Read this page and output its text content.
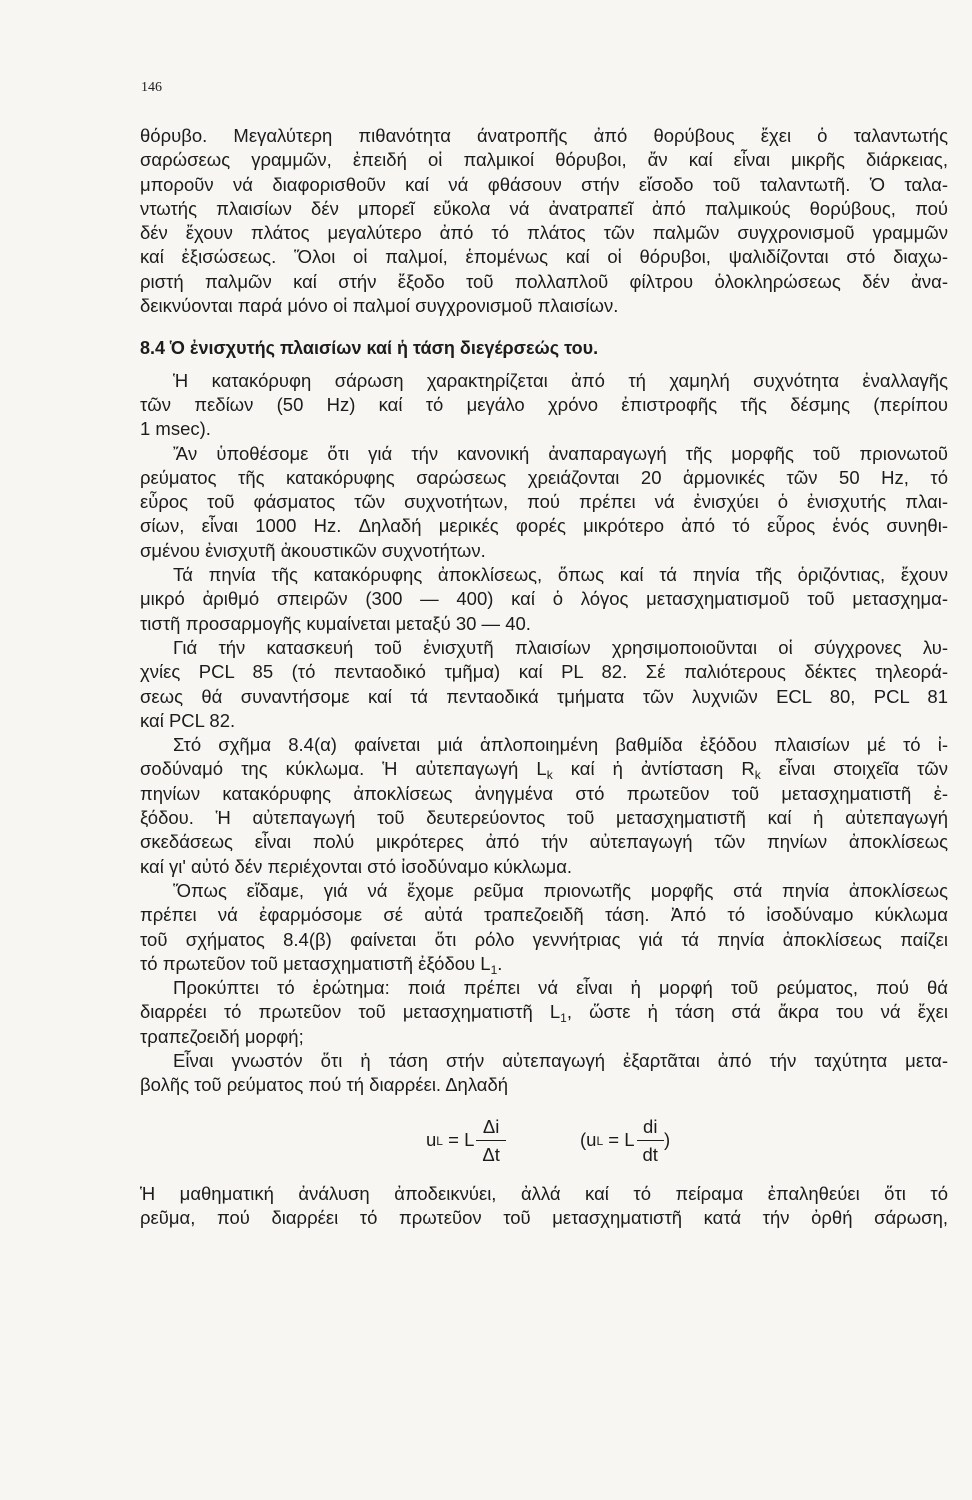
146

θόρυβο. Μεγαλύτερη πιθανότητα άνατροπῆς ἀπό θορύβους ἔχει ὁ ταλαντωτής
σαρώσεως γραμμῶν, ἐπειδή οἱ παλμικοί θόρυβοι, ἄν καί εἶναι μικρῆς διάρκειας,
μποροῦν νά διαφορισθοῦν καί νά φθάσουν στήν εἴσοδο τοῦ ταλαντωτῆ. Ὁ ταλα-
ντωτής πλαισίων δέν μπορεῖ εὔκολα νά ἀνατραπεῖ ἀπό παλμικούς θορύβους, πού
δέν ἔχουν πλάτος μεγαλύτερο ἀπό τό πλάτος τῶν παλμῶν συγχρονισμοῦ γραμμῶν
καί ἐξισώσεως. Ὅλοι οἱ παλμοί, ἑπομένως καί οἱ θόρυβοι, ψαλιδίζονται στό διαχω-
ριστή παλμῶν καί στήν ἔξοδο τοῦ πολλαπλοῦ φίλτρου ὁλοκληρώσεως δέν ἀνα-
δεικνύονται παρά μόνο οἱ παλμοί συγχρονισμοῦ πλαισίων.

8.4 Ὁ ἐνισχυτής πλαισίων καί ἡ τάση διεγέρσεώς του.

Ἡ κατακόρυφη σάρωση χαρακτηρίζεται ἀπό τή χαμηλή συχνότητα ἐναλλαγῆς
τῶν πεδίων (50 Hz) καί τό μεγάλο χρόνο ἐπιστροφῆς τῆς δέσμης (περίπου
1 msec).

Ἄν ὑποθέσομε ὅτι γιά τήν κανονική ἀναπαραγωγή τῆς μορφῆς τοῦ πριονωτοῦ
ρεύματος τῆς κατακόρυφης σαρώσεως χρειάζονται 20 ἁρμονικές τῶν 50 Hz, τό
εὖρος τοῦ φάσματος τῶν συχνοτήτων, πού πρέπει νά ἐνισχύει ὁ ἐνισχυτής πλαι-
σίων, εἶναι 1000 Hz. Δηλαδή μερικές φορές μικρότερο ἀπό τό εὖρος ἑνός συνηθι-
σμένου ἐνισχυτῆ ἀκουστικῶν συχνοτήτων.

Τά πηνία τῆς κατακόρυφης ἀποκλίσεως, ὅπως καί τά πηνία τῆς ὁριζόντιας, ἔχουν
μικρό ἀριθμό σπειρῶν (300 — 400) καί ὁ λόγος μετασχηματισμοῦ τοῦ μετασχημα-
τιστῆ προσαρμογῆς κυμαίνεται μεταξύ 30 — 40.

Γιά τήν κατασκευή τοῦ ἐνισχυτῆ πλαισίων χρησιμοποιοῦνται οἱ σύγχρονες λυ-
χνίες PCL 85 (τό πενταοδικό τμῆμα) καί PL 82. Σέ παλιότερους δέκτες τηλεορά-
σεως θά συναντήσομε καί τά πενταοδικά τμήματα τῶν λυχνιῶν ECL 80, PCL 81
καί PCL 82.

Στό σχῆμα 8.4(α) φαίνεται μιά ἁπλοποιημένη βαθμίδα ἐξόδου πλαισίων μέ τό ἰ-
σοδύναμό της κύκλωμα. Ἡ αὐτεπαγωγή $L_k$ καί ἡ ἀντίσταση $R_k$ εἶναι στοιχεῖα τῶν
πηνίων κατακόρυφης ἀποκλίσεως ἀνηγμένα στό πρωτεῦον τοῦ μετασχηματιστῆ ἐ-
ξόδου. Ἡ αὐτεπαγωγή τοῦ δευτερεύοντος τοῦ μετασχηματιστῆ καί ἡ αὐτεπαγωγή
σκεδάσεως εἶναι πολύ μικρότερες ἀπό τήν αὐτεπαγωγή τῶν πηνίων ἀποκλίσεως
καί γι' αὐτό δέν περιέχονται στό ἰσοδύναμο κύκλωμα.

Ὅπως εἴδαμε, γιά νά ἔχομε ρεῦμα πριονωτῆς μορφῆς στά πηνία ἀποκλίσεως
πρέπει νά ἐφαρμόσομε σέ αὐτά τραπεζοειδῆ τάση. Ἀπό τό ἰσοδύναμο κύκλωμα
τοῦ σχήματος 8.4(β) φαίνεται ὅτι ρόλο γεννήτριας γιά τά πηνία ἀποκλίσεως παίζει
τό πρωτεῦον τοῦ μετασχηματιστῆ ἐξόδου $L_1$.

Προκύπτει τό ἐρώτημα: ποιά πρέπει νά εἶναι ἡ μορφή τοῦ ρεύματος, πού θά
διαρρέει τό πρωτεῦον τοῦ μετασχηματιστῆ $L_1$, ὥστε ἡ τάση στά ἄκρα του νά ἔχει
τραπεζοειδή μορφή;

Εἶναι γνωστόν ὅτι ἡ τάση στήν αὐτεπαγωγή ἐξαρτᾶται ἀπό τήν ταχύτητα μετα-
βολῆς τοῦ ρεύματος πού τή διαρρέει. Δηλαδή

u L = L $\frac{\Delta i}{\Delta t}$	(u L = L $\frac{di}{dt}$ )

Ἡ μαθηματική ἀνάλυση ἀποδεικνύει, ἀλλά καί τό πείραμα ἐπαληθεύει ὅτι τό
ρεῦμα, πού διαρρέει τό πρωτεῦον τοῦ μετασχηματιστῆ κατά τήν ὀρθή σάρωση,
